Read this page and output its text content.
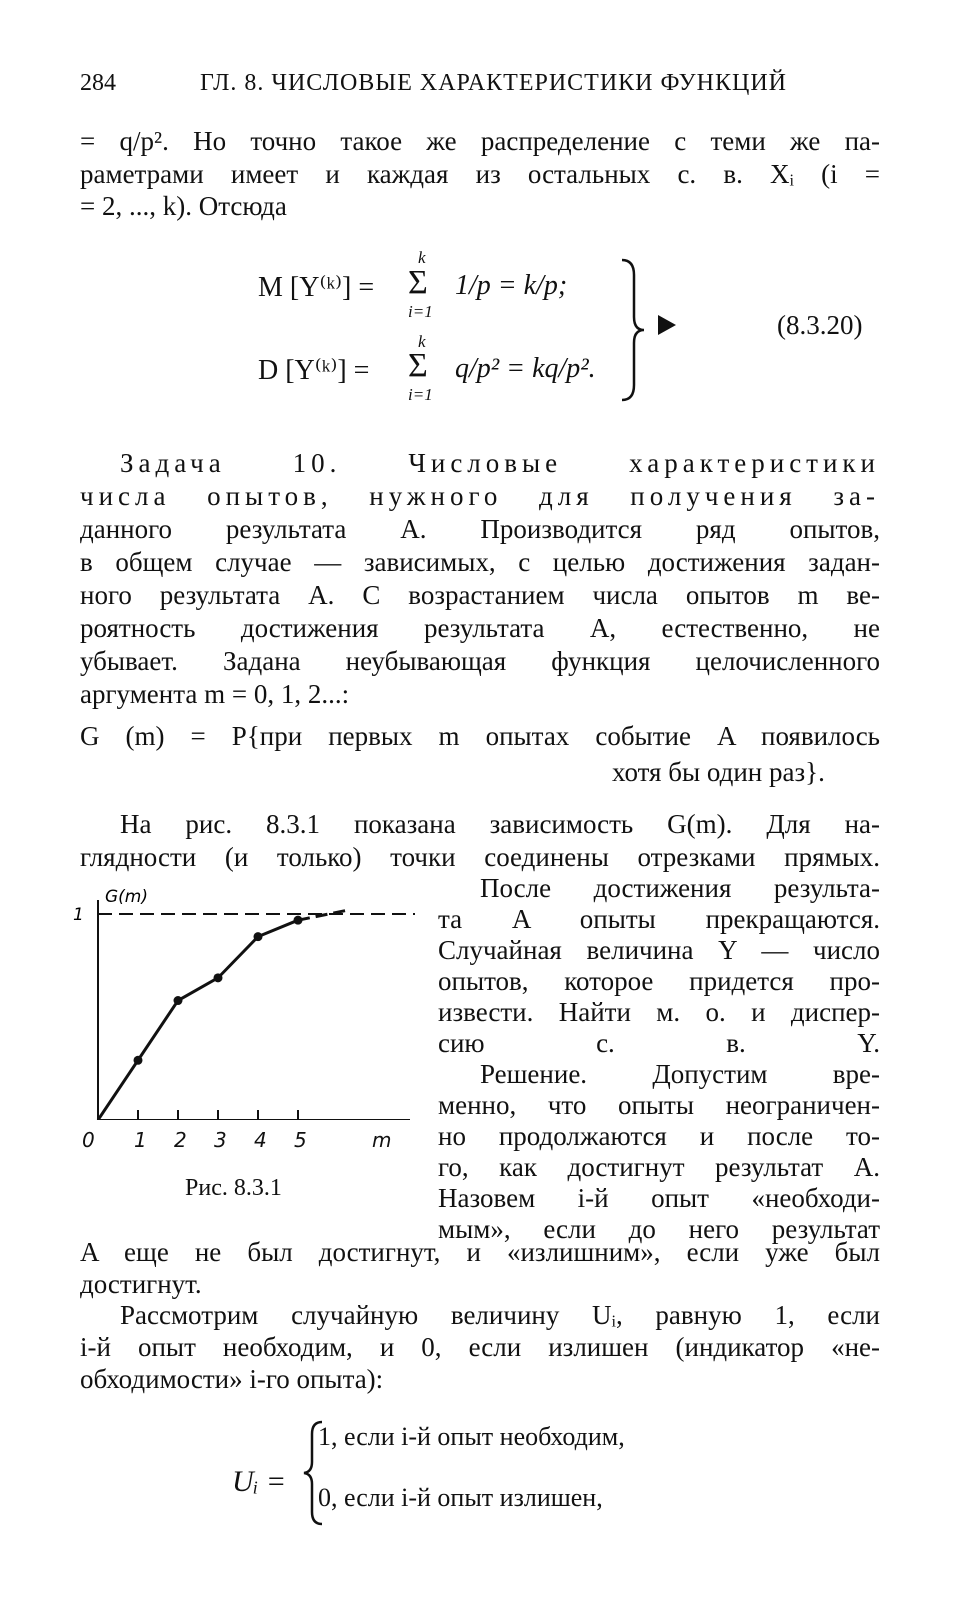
284	ГЛ. 8. ЧИСЛОВЫЕ ХАРАКТЕРИСТИКИ ФУНКЦИЙ
= q/p². Но точно такое же распределение с теми же па-
раметрами имеет и каждая из остальных с. в. Xᵢ (i =
= 2, ..., k). Отсюда
M [Y⁽ᵏ⁾] =
k
Σ
i=1
1/p = k/p;
D [Y⁽ᵏ⁾] =
k
Σ
i=1
q/p² = kq/p².
(8.3.20)
Задача 10. Числовые характеристики
числа опытов, нужного для получения за-
данного результата A. Производится ряд опытов,
в общем случае — зависимых, с целью достижения задан-
ного результата A. С возрастанием числа опытов m ве-
роятность достижения результата A, естественно, не
убывает. Задана неубывающая функция целочисленного
аргумента m = 0, 1, 2...:
G (m) = P{при первых m опытах событие A появилось
хотя бы один раз}.
На рис. 8.3.1 показана зависимость G(m). Для на-
глядности (и только) точки соединены отрезками прямых.
G(m)
1
0	m
1 2 3 4 5
Рис. 8.3.1
После достижения результа-
та A опыты прекращаются.
Случайная величина Y — число
опытов, которое придется про-
извести. Найти м. о. и диспер-
сию с. в. Y.
Решение. Допустим вре-
менно, что опыты неограничен-
но продолжаются и после то-
го, как достигнут результат A.
Назовем i-й опыт «необходи-
мым», если до него результат
A еще не был достигнут, и «излишним», если уже был
достигнут.
Рассмотрим случайную величину Uᵢ, равную 1, если
i-й опыт необходим, и 0, если излишен (индикатор «не-
обходимости» i-го опыта):
Uᵢ =
1, если i-й опыт необходим,
0, если i-й опыт излишен,
